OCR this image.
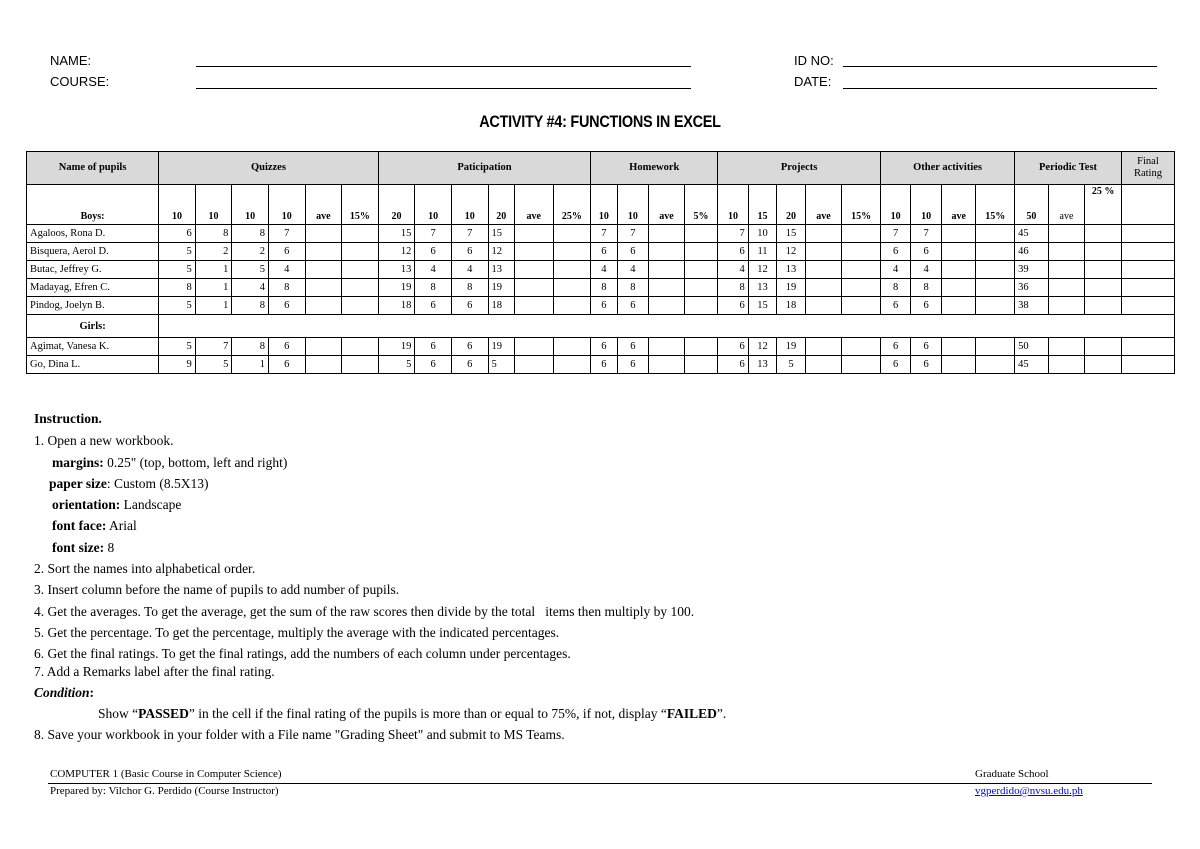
NAME:
COURSE:
ID NO:
DATE:
ACTIVITY #4: FUNCTIONS IN EXCEL
Name of pupils	Quizzes						Paticipation						Homework				Projects					Other activities				Periodic Test			Final Rating
Boys:	10	10	10	10	ave	15%	20	10	10	20	ave	25%	10	10	ave	5%	10	15	20	ave	15%	10	10	ave	15%	50	ave	25 %	
Agaloos, Rona D.	6	8	8	7			15	7	7	15			7	7			7	10	15			7	7			45			
Bisquera, Aerol D.	5	2	2	6			12	6	6	12			6	6			6	11	12			6	6			46			
Butac, Jeffrey G.	5	1	5	4			13	4	4	13			4	4			4	12	13			4	4			39			
Madayag, Efren C.	8	1	4	8			19	8	8	19			8	8			8	13	19			8	8			36			
Pindog, Joelyn B.	5	1	8	6			18	6	6	18			6	6			6	15	18			6	6			38			
Girls:																													
Agimat, Vanesa K.	5	7	8	6			19	6	6	19			6	6			6	12	19			6	6			50			
Go, Dina L.	9	5	1	6			5	6	6	5			6	6			6	13	5			6	6			45			

Instruction.

1. Open a new workbook.

margins: 0.25" (top, bottom, left and right)

paper size: Custom (8.5X13)

orientation: Landscape

font face: Arial

font size: 8

2. Sort the names into alphabetical order.

3. Insert column before the name of pupils to add number of pupils.

4. Get the averages. To get the average, get the sum of the raw scores then divide by the total   items then multiply by 100.

5. Get the percentage. To get the percentage, multiply the average with the indicated percentages.

6. Get the final ratings. To get the final ratings, add the numbers of each column under percentages.

7. Add a Remarks label after the final rating.

Condition:

Show “PASSED” in the cell if the final rating of the pupils is more than or equal to 75%, if not, display “FAILED”.

8. Save your workbook in your folder with a File name "Grading Sheet" and submit to MS Teams.

COMPUTER 1 (Basic Course in Computer Science)	Graduate School
Prepared by: Vilchor G. Perdido (Course Instructor)	vgperdido@nvsu.edu.ph
